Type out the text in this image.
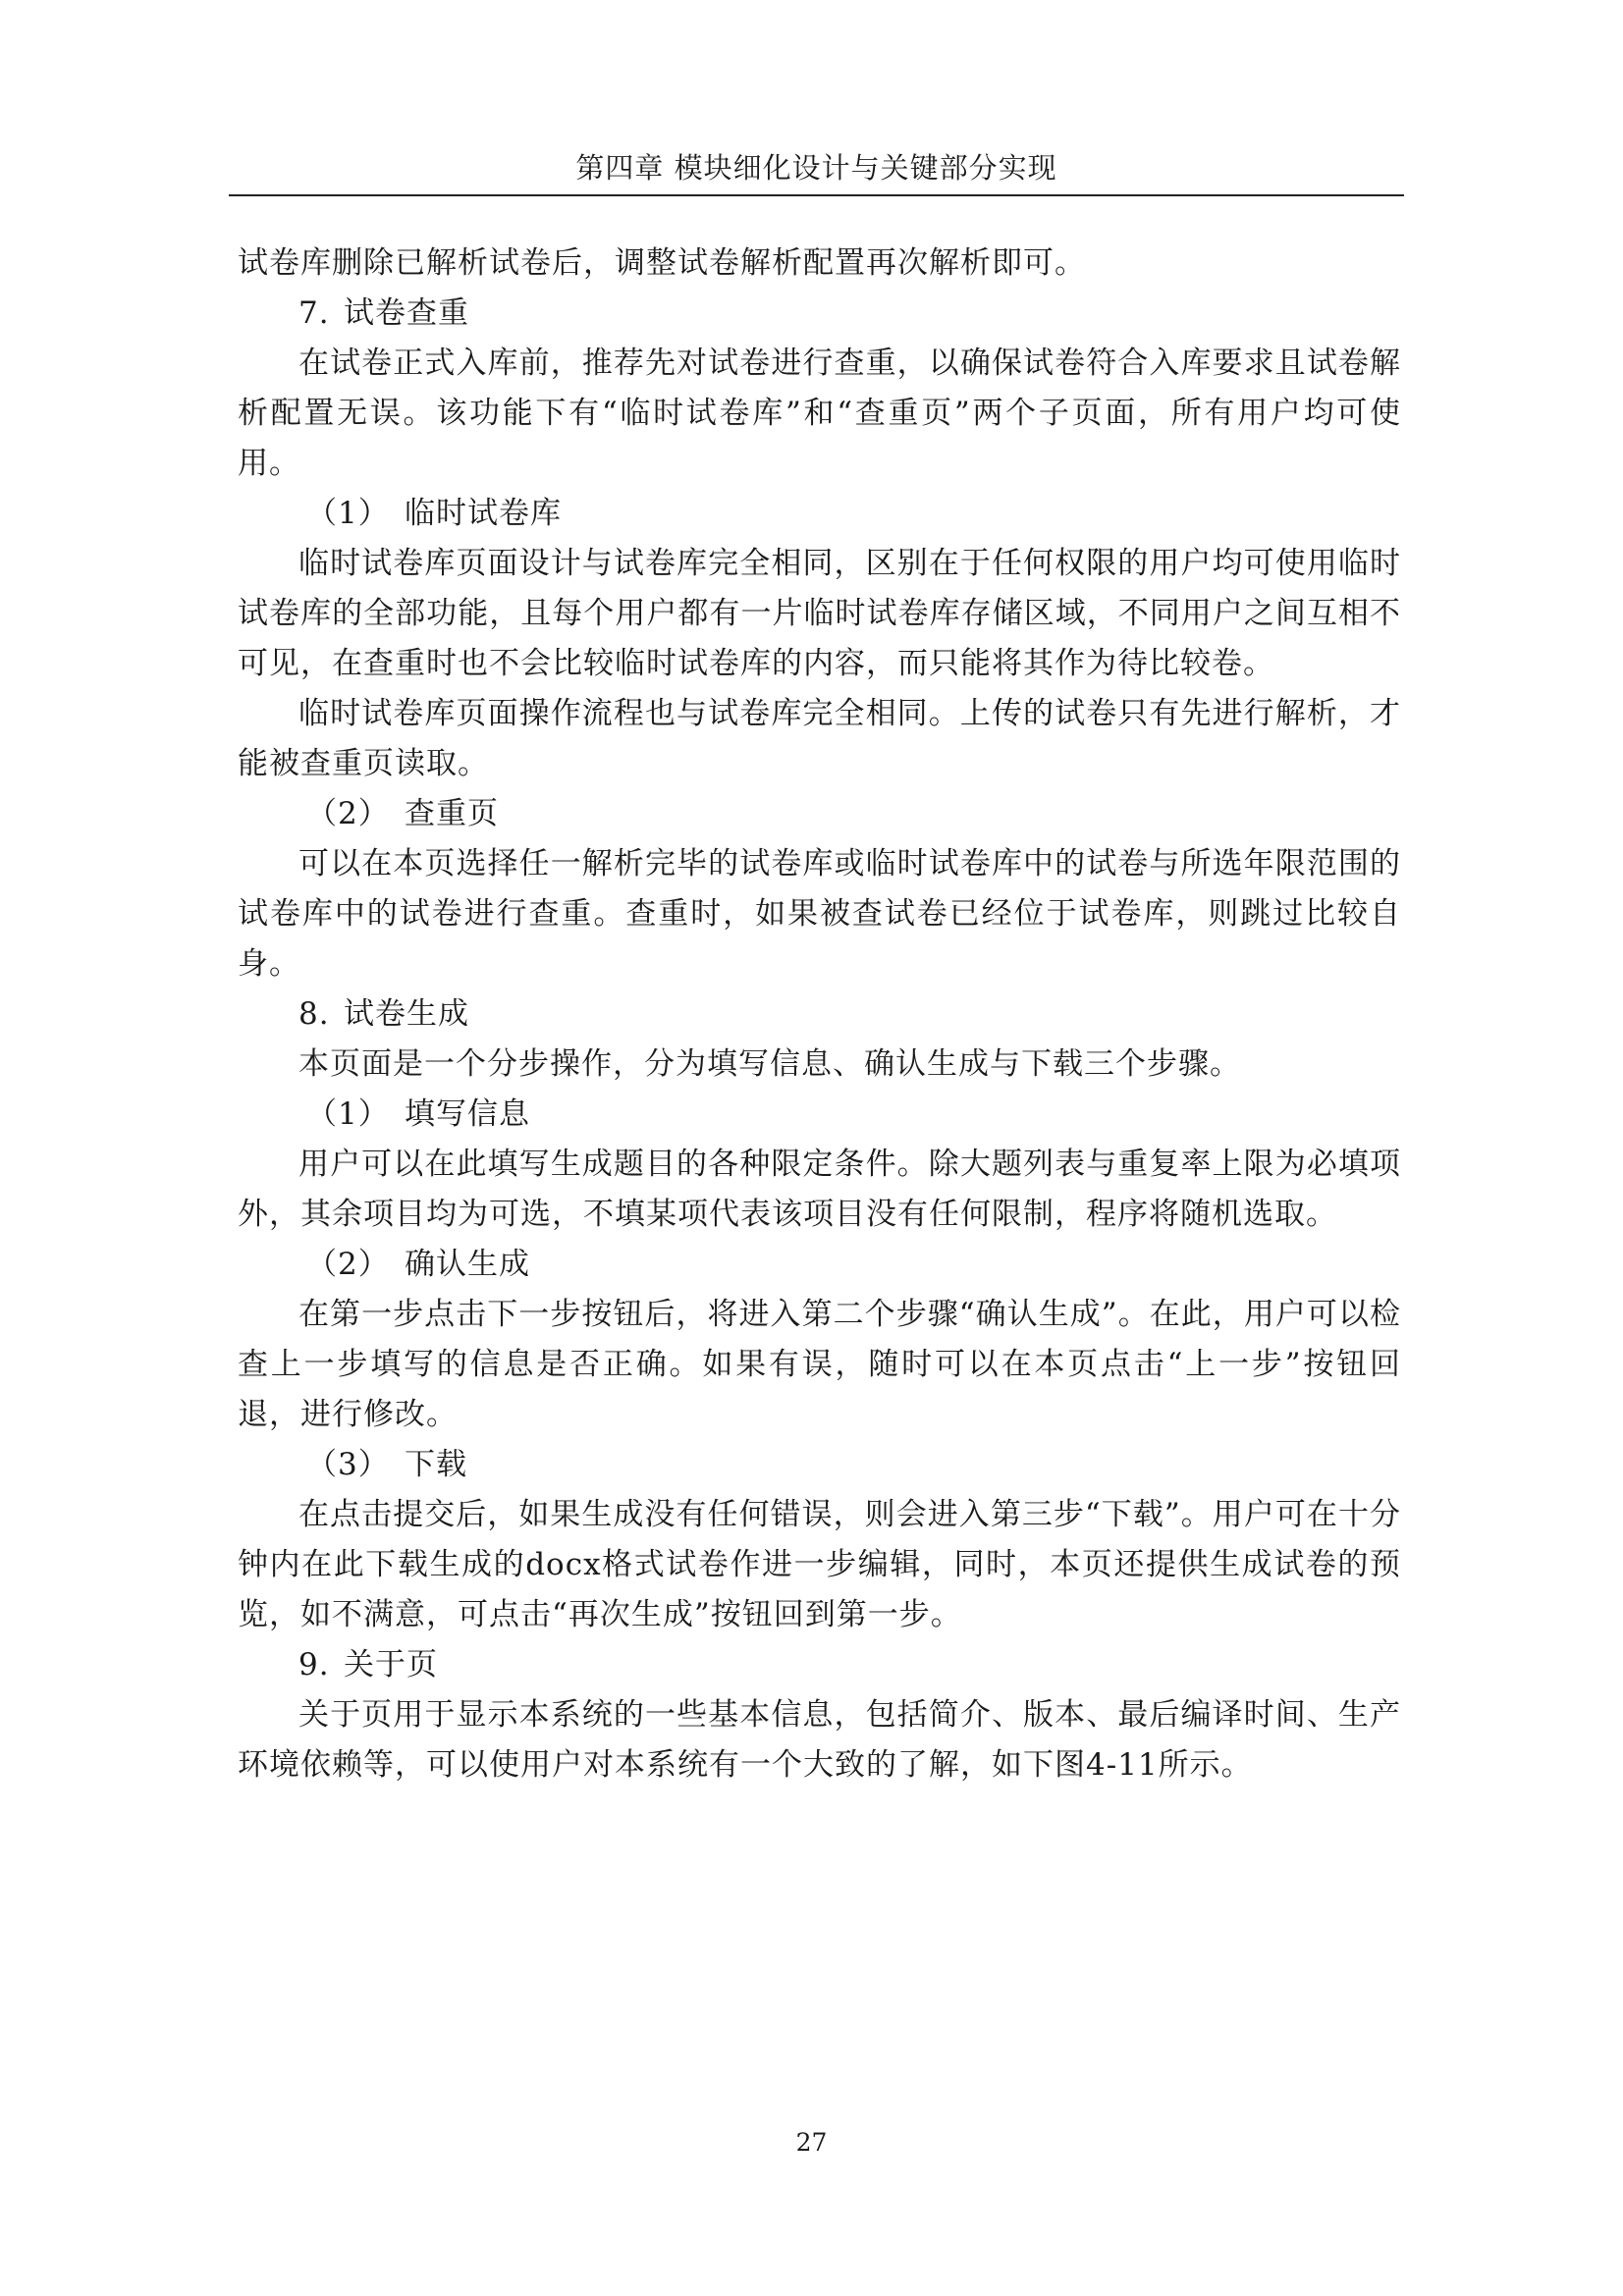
第四章 模块细化设计与关键部分实现

试卷库删除已解析试卷后，调整试卷解析配置再次解析即可。

7. 试卷查重

在试卷正式入库前，推荐先对试卷进行查重，以确保试卷符合入库要求且试卷解析配置无误。该功能下有“临时试卷库”和“查重页”两个子页面，所有用户均可使用。

（1） 临时试卷库

临时试卷库页面设计与试卷库完全相同，区别在于任何权限的用户均可使用临时试卷库的全部功能，且每个用户都有一片临时试卷库存储区域，不同用户之间互相不可见，在查重时也不会比较临时试卷库的内容，而只能将其作为待比较卷。

临时试卷库页面操作流程也与试卷库完全相同。上传的试卷只有先进行解析，才能被查重页读取。

（2） 查重页

可以在本页选择任一解析完毕的试卷库或临时试卷库中的试卷与所选年限范围的试卷库中的试卷进行查重。查重时，如果被查试卷已经位于试卷库，则跳过比较自身。

8. 试卷生成

本页面是一个分步操作，分为填写信息、确认生成与下载三个步骤。

（1） 填写信息

用户可以在此填写生成题目的各种限定条件。除大题列表与重复率上限为必填项外，其余项目均为可选，不填某项代表该项目没有任何限制，程序将随机选取。

（2） 确认生成

在第一步点击下一步按钮后，将进入第二个步骤“确认生成”。在此，用户可以检查上一步填写的信息是否正确。如果有误，随时可以在本页点击“上一步”按钮回退，进行修改。

（3） 下载

在点击提交后，如果生成没有任何错误，则会进入第三步“下载”。用户可在十分钟内在此下载生成的docx格式试卷作进一步编辑，同时，本页还提供生成试卷的预览，如不满意，可点击“再次生成”按钮回到第一步。

9. 关于页

关于页用于显示本系统的一些基本信息，包括简介、版本、最后编译时间、生产环境依赖等，可以使用户对本系统有一个大致的了解，如下图4-11所示。

27
